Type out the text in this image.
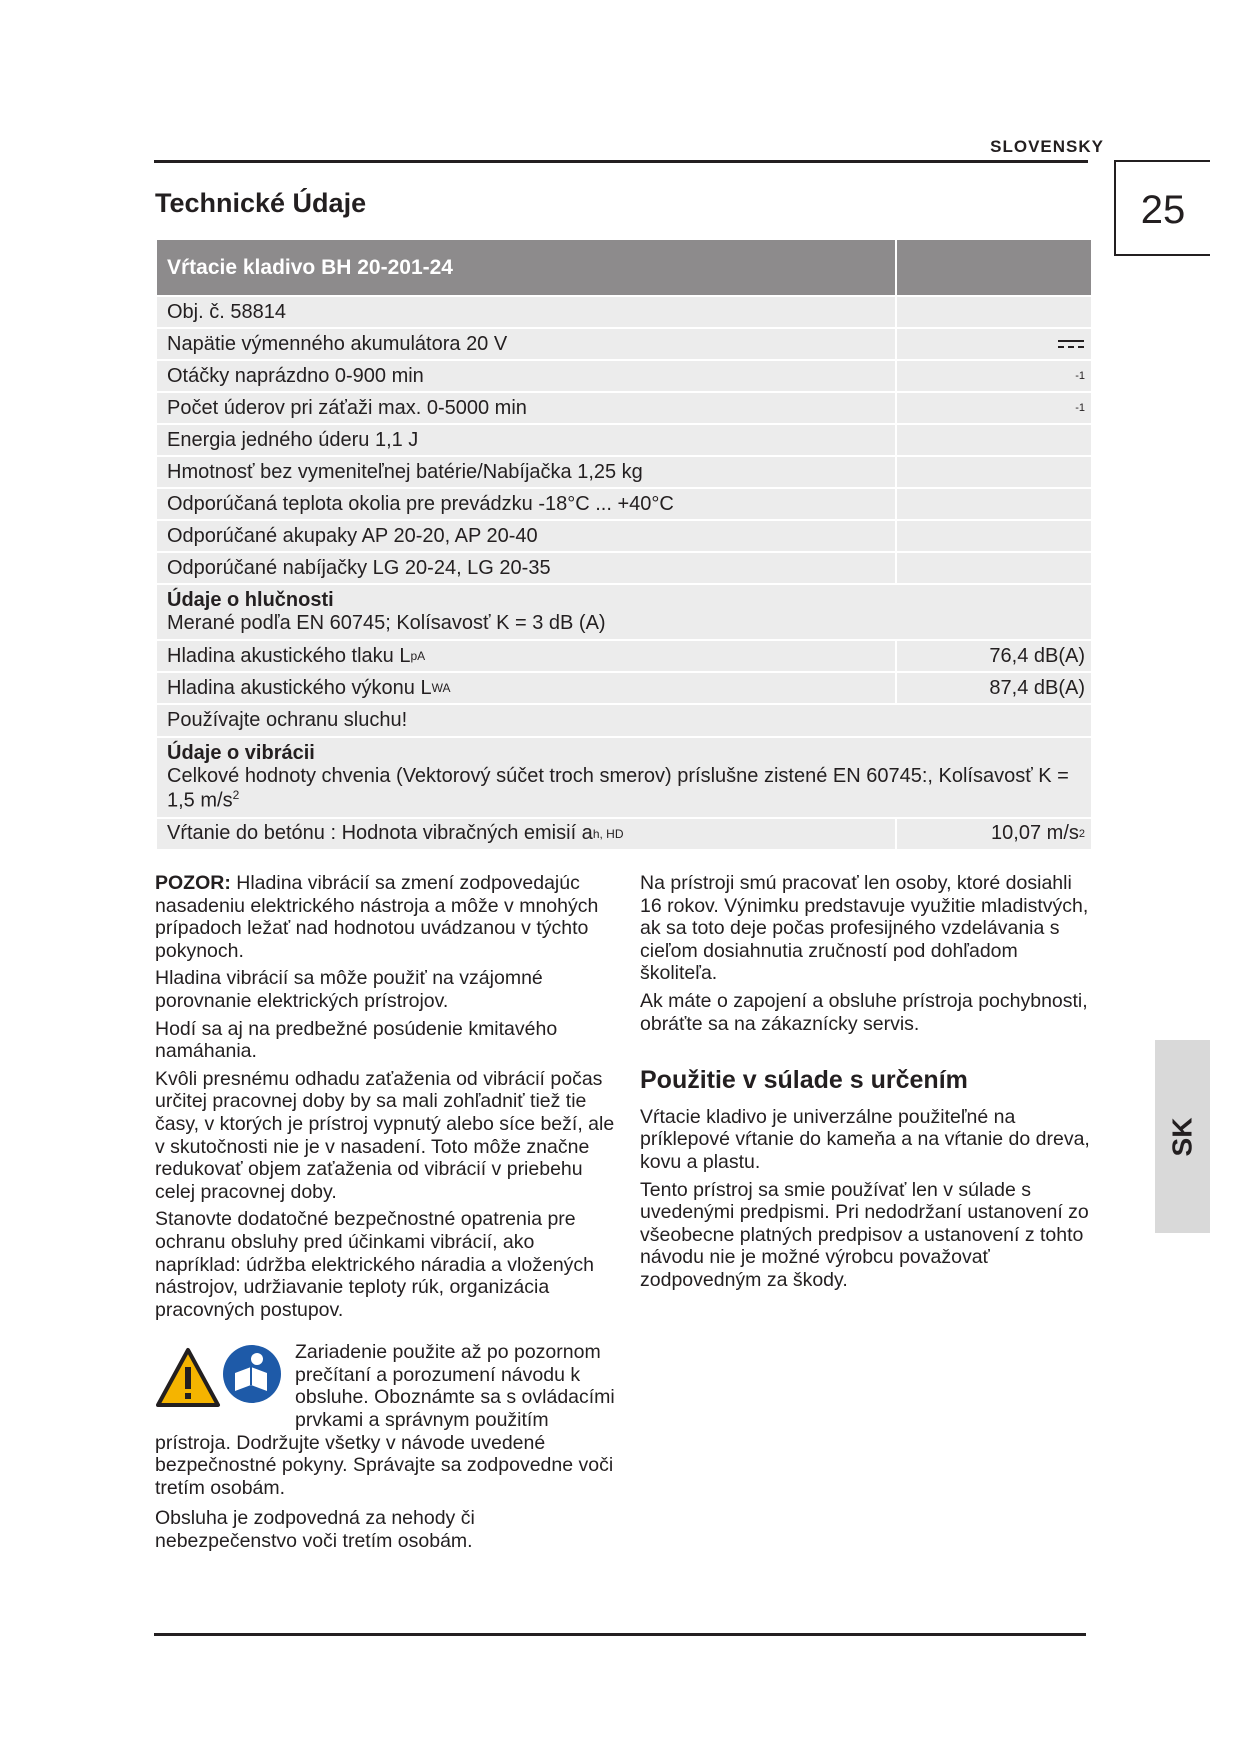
SLOVENSKY
25
Technické Údaje
Vŕtacie kladivo BH 20-201-24
Obj. č. 58814
Napätie výmenného akumulátora 20 V
Otáčky naprázdno 0-900 min	-1
Počet úderov pri záťaži max. 0-5000 min	-1
Energia jedného úderu 1,1 J
Hmotnosť bez vymeniteľnej batérie/Nabíjačka 1,25 kg
Odporúčaná teplota okolia pre prevádzku -18°C ... +40°C
Odporúčané akupaky AP 20-20, AP 20-40
Odporúčané nabíjačky LG 20-24, LG 20-35
Údaje o hlučnosti
Merané podľa EN 60745; Kolísavosť K = 3 dB (A)
Hladina akustického tlaku L pA	76,4 dB(A)
Hladina akustického výkonu L WA	87,4 dB(A)
Používajte ochranu sluchu!
Údaje o vibrácii
Celkové hodnoty chvenia (Vektorový súčet troch smerov) príslušne zistené EN 60745:, Kolísavosť K = 1,5 $m/s^2$
Vŕtanie do betónu : Hodnota vibračných emisií a h, HD	10,07 m/s 2

POZOR: Hladina vibrácií sa zmení zodpovedajúc nasadeniu elektrického nástroja a môže v mnohých prípadoch ležať nad hodnotou uvádzanou v týchto pokynoch.

Hladina vibrácií sa môže použiť na vzájomné porovnanie elektrických prístrojov.

Hodí sa aj na predbežné posúdenie kmitavého namáhania.

Kvôli presnému odhadu zaťaženia od vibrácií počas určitej pracovnej doby by sa mali zohľadniť tiež tie časy, v ktorých je prístroj vypnutý alebo síce beží, ale v skutočnosti nie je v nasadení. Toto môže značne redukovať objem zaťaženia od vibrácií v priebehu celej pracovnej doby.

Stanovte dodatočné bezpečnostné opatrenia pre ochranu obsluhy pred účinkami vibrácií, ako napríklad: údržba elektrického náradia a vložených nástrojov, udržiavanie teploty rúk, organizácia pracovných postupov.

Zariadenie použite až po pozornom prečítaní a porozumení návodu k obsluhe. Oboznámte sa s ovládacími prvkami a správnym použitím prístroja. Dodržujte všetky v návode uvedené bezpečnostné pokyny. Správajte sa zodpovedne voči tretím osobám.

Obsluha je zodpovedná za nehody či nebezpečenstvo voči tretím osobám.

Na prístroji smú pracovať len osoby, ktoré dosiahli 16 rokov. Výnimku predstavuje využitie mladistvých, ak sa toto deje počas profesijného vzdelávania s cieľom dosiahnutia zručností pod dohľadom školiteľa.

Ak máte o zapojení a obsluhe prístroja pochybnosti, obráťte sa na zákaznícky servis.

Použitie v súlade s určením

Vŕtacie kladivo je univerzálne použiteľné na príklepové vŕtanie do kameňa a na vŕtanie do dreva, kovu a plastu.

Tento prístroj sa smie používať len v súlade s uvedenými predpismi. Pri nedodržaní ustanovení zo všeobecne platných predpisov a ustanovení z tohto návodu nie je možné výrobcu považovať zodpovedným za škody.

SK
